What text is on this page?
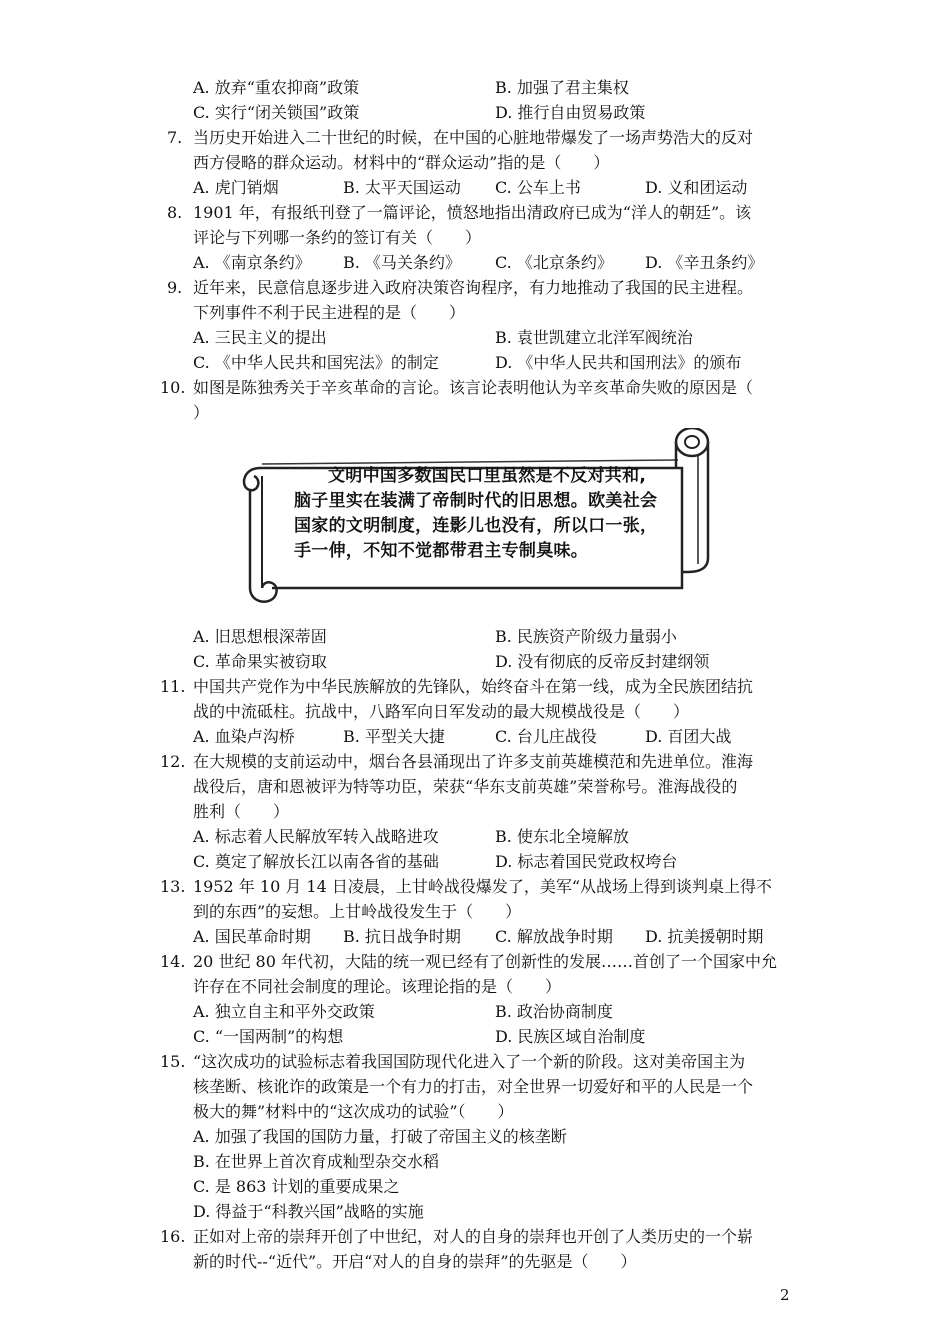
A. 放弃“重农抑商”政策	B. 加强了君主集权
C. 实行“闭关锁国”政策	D. 推行自由贸易政策
7. 当历史开始进入二十世纪的时候，在中国的心脏地带爆发了一场声势浩大的反对
西方侵略的群众运动。材料中的“群众运动”指的是（　　）
A. 虎门销烟	B. 太平天国运动 C. 公车上书	D. 义和团运动
8. 1901 年，有报纸刊登了一篇评论，愤怒地指出清政府已成为“洋人的朝廷”。该
评论与下列哪一条约的签订有关（　　）
A. 《南京条约》 B. 《马关条约》 C. 《北京条约》 D. 《辛丑条约》
9. 近年来，民意信息逐步进入政府决策咨询程序，有力地推动了我国的民主进程。
下列事件不利于民主进程的是（　　）
A. 三民主义的提出	B. 袁世凯建立北洋军阀统治
C. 《中华人民共和国宪法》的制定	D. 《中华人民共和国刑法》的颁布
10. 如图是陈独秀关于辛亥革命的言论。该言论表明他认为辛亥革命失败的原因是（
）
文明中国多数国民口里虽然是不反对共和,
脑子里实在装满了帝制时代的旧思想。欧美社会
国家的文明制度，连影儿也没有，所以口一张，
手一伸，不知不觉都带君主专制臭味。
A. 旧思想根深蒂固	B. 民族资产阶级力量弱小
C. 革命果实被窃取	D. 没有彻底的反帝反封建纲领
11. 中国共产党作为中华民族解放的先锋队，始终奋斗在第一线，成为全民族团结抗
战的中流砥柱。抗战中，八路军向日军发动的最大规模战役是（　　）
A. 血染卢沟桥	B. 平型关大捷	C. 台儿庄战役	D. 百团大战
12. 在大规模的支前运动中，烟台各县涌现出了许多支前英雄模范和先进单位。淮海
战役后，唐和恩被评为特等功臣，荣获“华东支前英雄”荣誉称号。淮海战役的
胜利（　　）
A. 标志着人民解放军转入战略进攻	B. 使东北全境解放
C. 奠定了解放长江以南各省的基础	D. 标志着国民党政权垮台
13. 1952 年 10 月 14 日凌晨，上甘岭战役爆发了，美军“从战场上得到谈判桌上得不
到的东西”的妄想。上甘岭战役发生于（　　）
A. 国民革命时期 B. 抗日战争时期 C. 解放战争时期 D. 抗美援朝时期
14. 20 世纪 80 年代初，大陆的统一观已经有了创新性的发展……首创了一个国家中允
许存在不同社会制度的理论。该理论指的是（　　）
A. 独立自主和平外交政策	B. 政治协商制度
C. “一国两制”的构想	D. 民族区域自治制度
15. “这次成功的试验标志着我国国防现代化进入了一个新的阶段。这对美帝国主为
核垄断、核讹诈的政策是一个有力的打击，对全世界一切爱好和平的人民是一个
极大的舞”材料中的“这次成功的试验”（　　）
A. 加强了我国的国防力量，打破了帝国主义的核垄断
B. 在世界上首次育成籼型杂交水稻
C. 是 863 计划的重要成果之
D. 得益于“科教兴国”战略的实施
16. 正如对上帝的崇拜开创了中世纪，对人的自身的崇拜也开创了人类历史的一个崭
新的时代--“近代”。开启“对人的自身的崇拜”的先驱是（　　）
2
